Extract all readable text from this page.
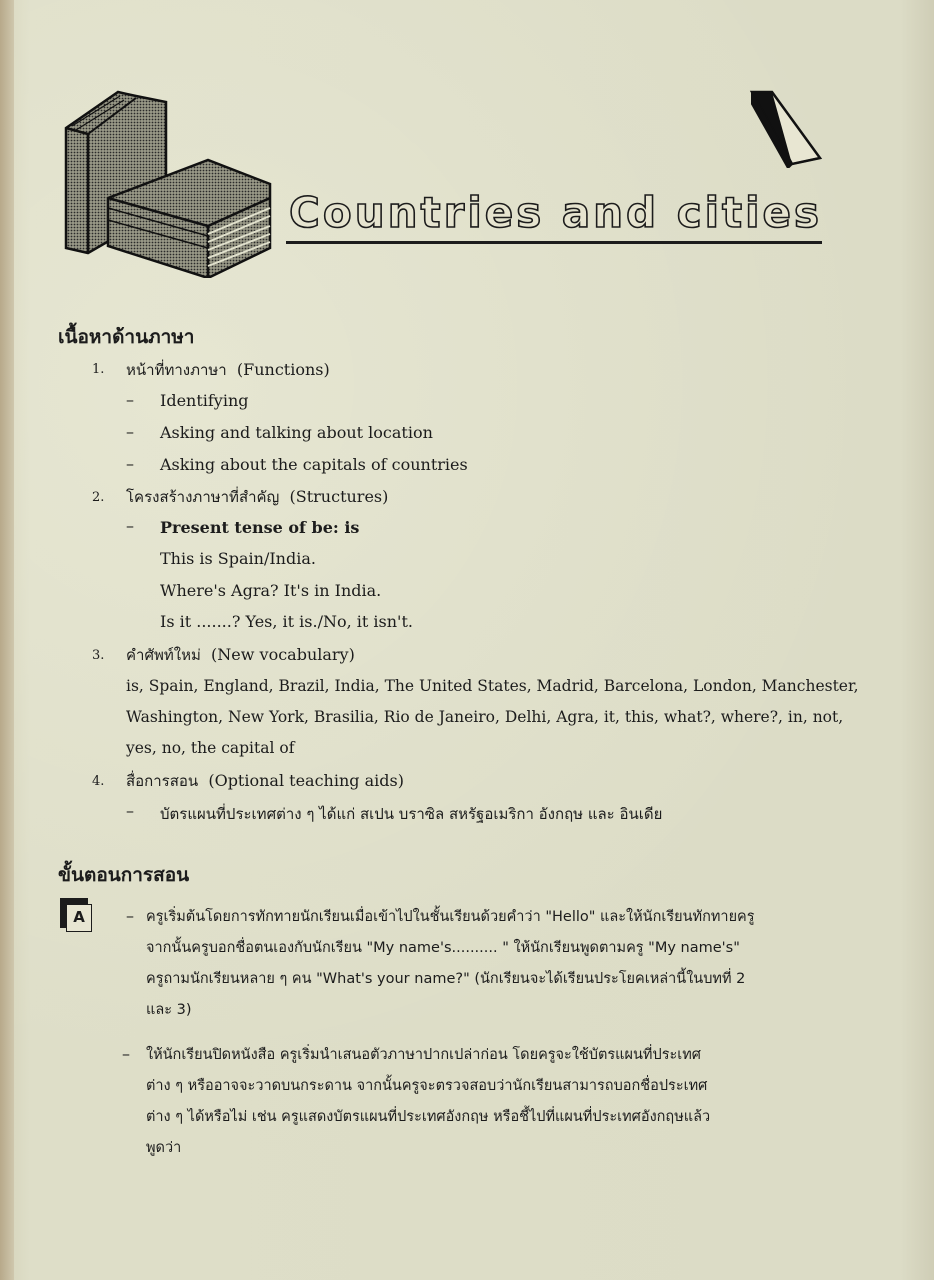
Countries and cities
เนื้อหาด้านภาษา
1. หน้าที่ทางภาษา (Functions)
– Identifying
– Asking and talking about location
– Asking about the capitals of countries
2. โครงสร้างภาษาที่สำคัญ (Structures)
– Present tense of be: is
This is Spain/India.
Where's Agra? It's in India.
Is it .......? Yes, it is./No, it isn't.
3. คำศัพท์ใหม่ (New vocabulary)
is, Spain, England, Brazil, India, The United States, Madrid, Barcelona, London, Manchester,
Washington, New York, Brasilia, Rio de Janeiro, Delhi, Agra, it, this, what?, where?, in, not,
yes, no, the capital of
4. สื่อการสอน (Optional teaching aids)
– บัตรแผนที่ประเทศต่าง ๆ ได้แก่ สเปน บราซิล สหรัฐอเมริกา อังกฤษ และ อินเดีย
ขั้นตอนการสอน
A	– ครูเริ่มต้นโดยการทักทายนักเรียนเมื่อเข้าไปในชั้นเรียนด้วยคำว่า "Hello" และให้นักเรียนทักทายครู
จากนั้นครูบอกชื่อตนเองกับนักเรียน "My name's.......... " ให้นักเรียนพูดตามครู "My name's"
ครูถามนักเรียนหลาย ๆ คน "What's your name?" (นักเรียนจะได้เรียนประโยคเหล่านี้ในบทที่ 2
และ 3)
– ให้นักเรียนปิดหนังสือ ครูเริ่มนำเสนอตัวภาษาปากเปล่าก่อน โดยครูจะใช้บัตรแผนที่ประเทศ
ต่าง ๆ หรืออาจจะวาดบนกระดาน จากนั้นครูจะตรวจสอบว่านักเรียนสามารถบอกชื่อประเทศ
ต่าง ๆ ได้หรือไม่ เช่น ครูแสดงบัตรแผนที่ประเทศอังกฤษ หรือชี้ไปที่แผนที่ประเทศอังกฤษแล้ว
พูดว่า
